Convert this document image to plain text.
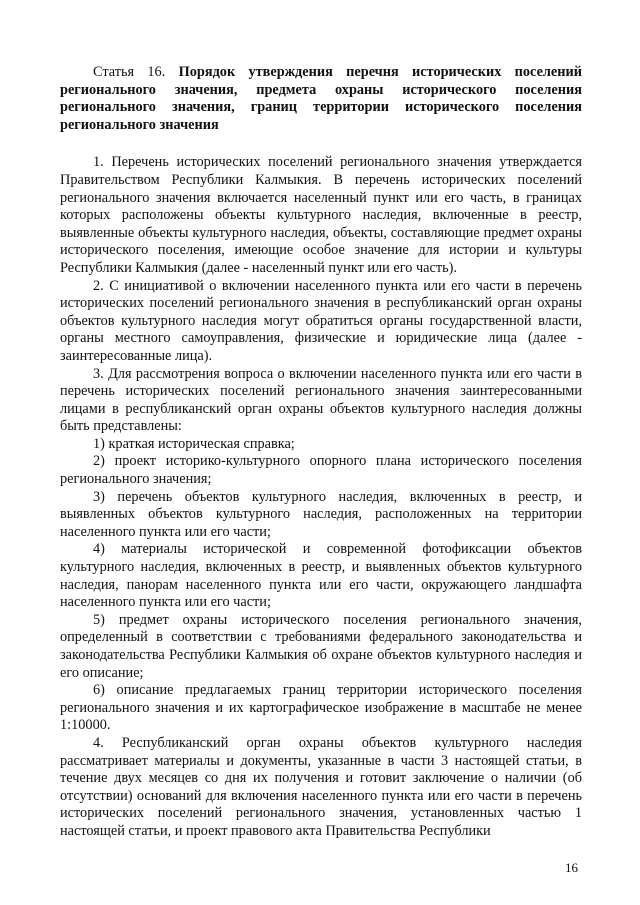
Статья 16. Порядок утверждения перечня исторических поселений регионального значения, предмета охраны исторического поселения регионального значения, границ территории исторического поселения регионального значения

1. Перечень исторических поселений регионального значения утверждается Правительством Республики Калмыкия. В перечень исторических поселений регионального значения включается населенный пункт или его часть, в границах которых расположены объекты культурного наследия, включенные в реестр, выявленные объекты культурного наследия, объекты, составляющие предмет охраны исторического поселения, имеющие особое значение для истории и культуры Республики Калмыкия (далее - населенный пункт или его часть).

2. С инициативой о включении населенного пункта или его части в перечень исторических поселений регионального значения в республиканский орган охраны объектов культурного наследия могут обратиться органы государственной власти, органы местного самоуправления, физические и юридические лица (далее - заинтересованные лица).

3. Для рассмотрения вопроса о включении населенного пункта или его части в перечень исторических поселений регионального значения заинтересованными лицами в республиканский орган охраны объектов культурного наследия должны быть представлены:

1) краткая историческая справка;

2) проект историко-культурного опорного плана исторического поселения регионального значения;

3) перечень объектов культурного наследия, включенных в реестр, и выявленных объектов культурного наследия, расположенных на территории населенного пункта или его части;

4) материалы исторической и современной фотофиксации объектов культурного наследия, включенных в реестр, и выявленных объектов культурного наследия, панорам населенного пункта или его части, окружающего ландшафта населенного пункта или его части;

5) предмет охраны исторического поселения регионального значения, определенный в соответствии с требованиями федерального законодательства и законодательства Республики Калмыкия об охране объектов культурного наследия и его описание;

6) описание предлагаемых границ территории исторического поселения регионального значения и их картографическое изображение в масштабе не менее 1:10000.

4. Республиканский орган охраны объектов культурного наследия рассматривает материалы и документы, указанные в части 3 настоящей статьи, в течение двух месяцев со дня их получения и готовит заключение о наличии (об отсутствии) оснований для включения населенного пункта или его части в перечень исторических поселений регионального значения, установленных частью 1 настоящей статьи, и проект правового акта Правительства Республики

16
